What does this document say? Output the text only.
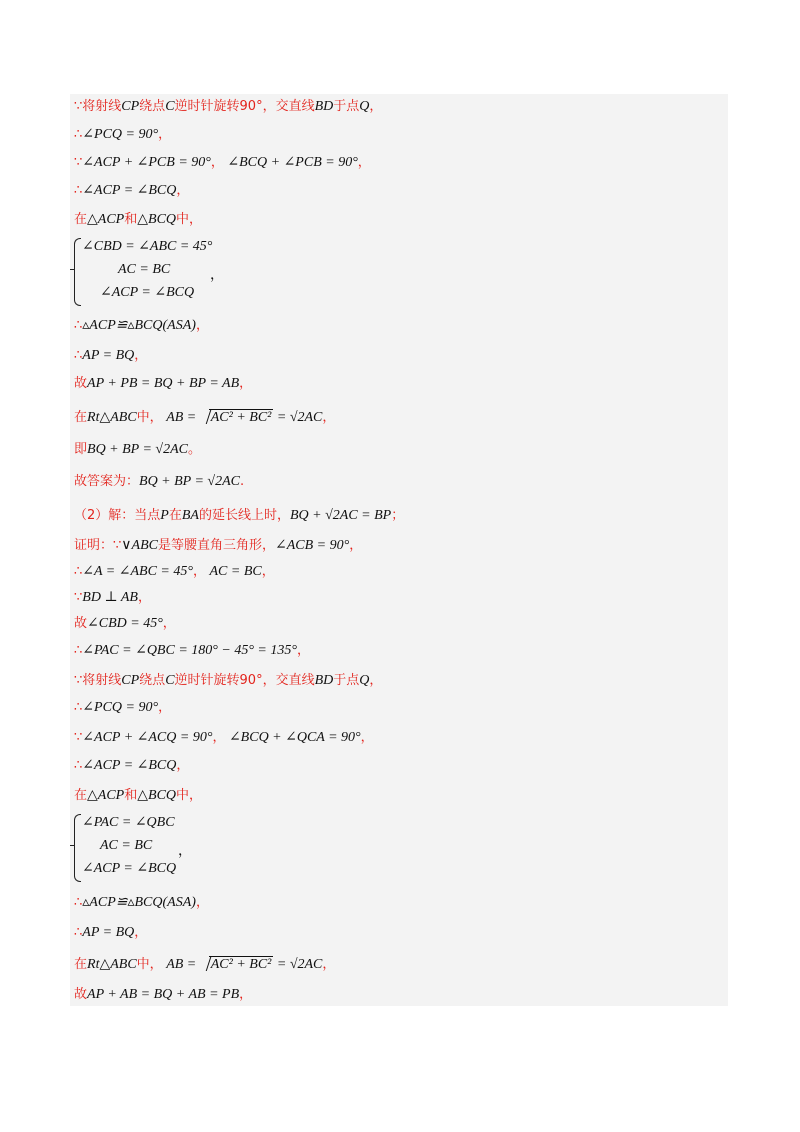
∵将射线CP绕点C逆时针旋转90°，交直线BD于点Q，
∴∠PCQ = 90°，
∵∠ACP + ∠PCB = 90°， ∠BCQ + ∠PCB = 90°，
∴∠ACP = ∠BCQ，
在△ACP和△BCQ中，
∠CBD = ∠ABC = 45°
AC = BC
∠ACP = ∠BCQ
，
∴▵ACP≌▵BCQ(ASA)，
∴AP = BQ，
故AP + PB = BQ + BP = AB，
在Rt△ABC中， AB = AC² + BC² = √2AC，
即BQ + BP = √2AC。
故答案为：BQ + BP = √2AC.
（2）解：当点P在BA的延长线上时，BQ + √2AC = BP；
证明：∵∨ABC是等腰直角三角形，∠ACB = 90°，
∴∠A = ∠ABC = 45°， AC = BC，
∵BD ⊥ AB，
故∠CBD = 45°，
∴∠PAC = ∠QBC = 180° − 45° = 135°，
∵将射线CP绕点C逆时针旋转90°，交直线BD于点Q，
∴∠PCQ = 90°，
∵∠ACP + ∠ACQ = 90°， ∠BCQ + ∠QCA = 90°，
∴∠ACP = ∠BCQ，
在△ACP和△BCQ中，
∠PAC = ∠QBC
AC = BC
∠ACP = ∠BCQ
，
∴▵ACP≌▵BCQ(ASA)，
∴AP = BQ，
在Rt△ABC中， AB = AC² + BC² = √2AC，
故AP + AB = BQ + AB = PB，
